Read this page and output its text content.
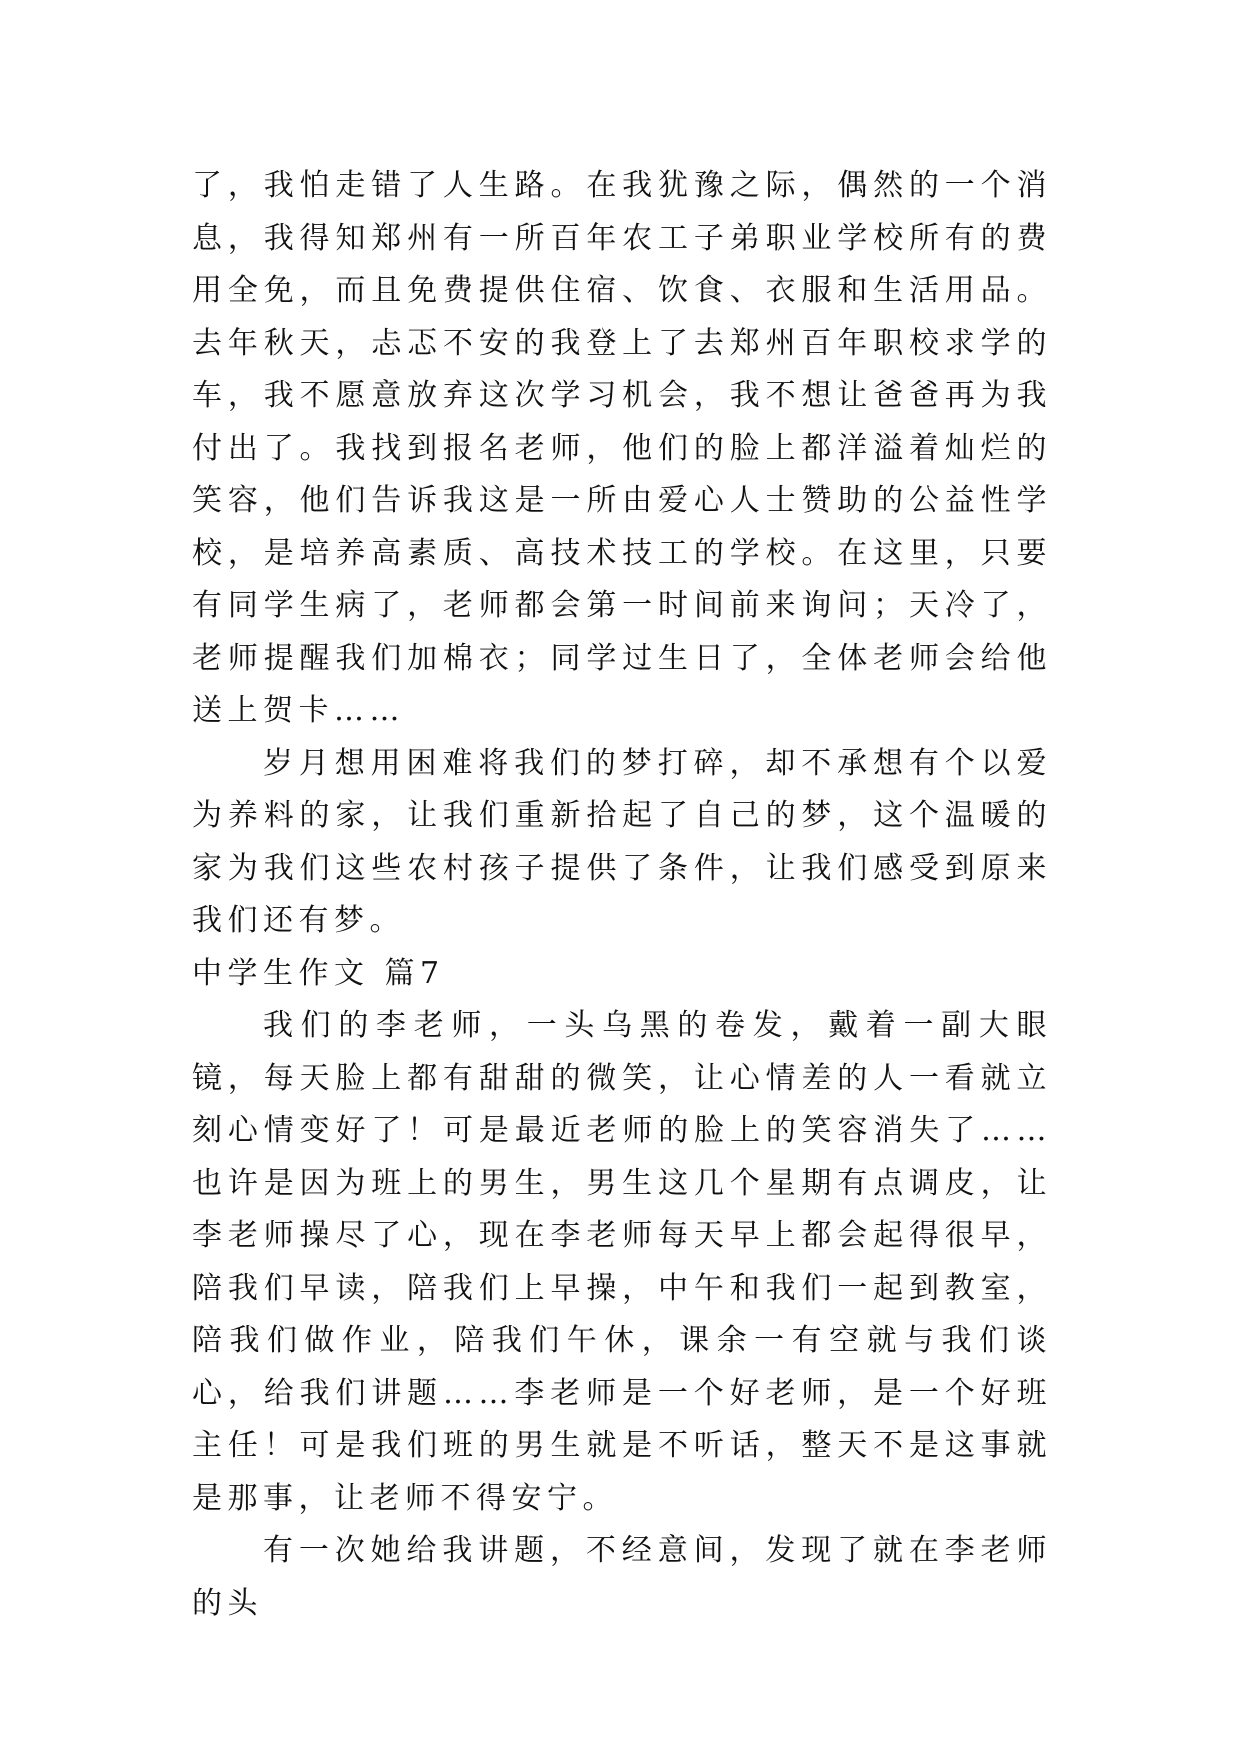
了，我怕走错了人生路。在我犹豫之际，偶然的一个消息，我得知郑州有一所百年农工子弟职业学校所有的费用全免，而且免费提供住宿、饮食、衣服和生活用品。去年秋天，忐忑不安的我登上了去郑州百年职校求学的车，我不愿意放弃这次学习机会，我不想让爸爸再为我付出了。我找到报名老师，他们的脸上都洋溢着灿烂的笑容，他们告诉我这是一所由爱心人士赞助的公益性学校，是培养高素质、高技术技工的学校。在这里，只要有同学生病了，老师都会第一时间前来询问；天冷了，老师提醒我们加棉衣；同学过生日了，全体老师会给他送上贺卡……

岁月想用困难将我们的梦打碎，却不承想有个以爱为养料的家，让我们重新拾起了自己的梦，这个温暖的家为我们这些农村孩子提供了条件，让我们感受到原来我们还有梦。

中学生作文 篇7

我们的李老师，一头乌黑的卷发，戴着一副大眼镜，每天脸上都有甜甜的微笑，让心情差的人一看就立刻心情变好了！可是最近老师的脸上的笑容消失了……也许是因为班上的男生，男生这几个星期有点调皮，让李老师操尽了心，现在李老师每天早上都会起得很早，陪我们早读，陪我们上早操，中午和我们一起到教室，陪我们做作业，陪我们午休，课余一有空就与我们谈心，给我们讲题……李老师是一个好老师，是一个好班主任！可是我们班的男生就是不听话，整天不是这事就是那事，让老师不得安宁。

有一次她给我讲题，不经意间，发现了就在李老师的头
